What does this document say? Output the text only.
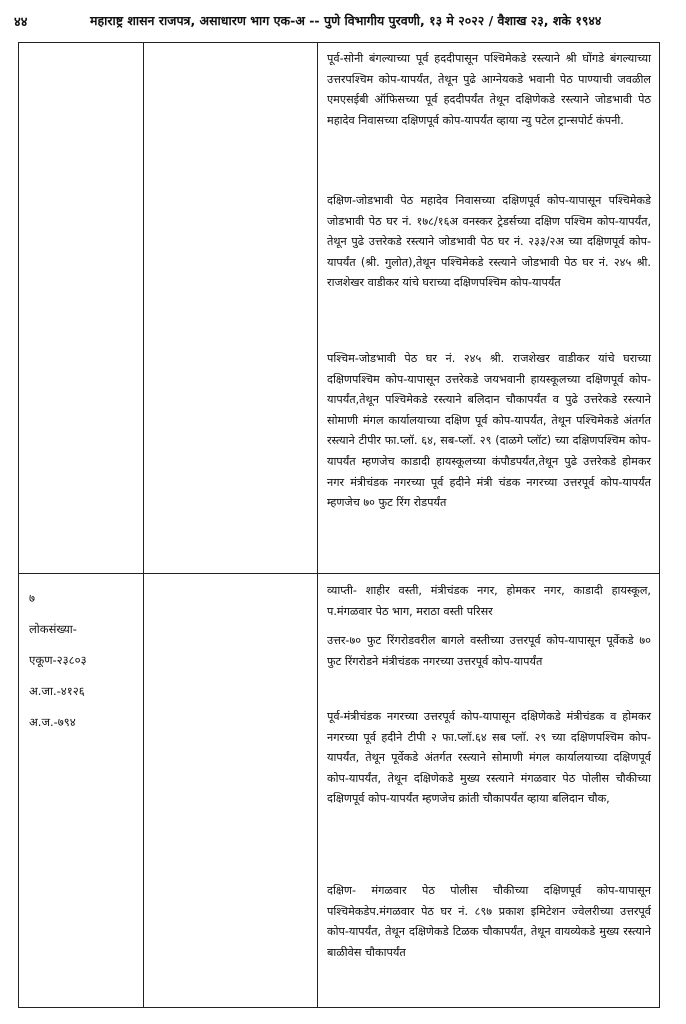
४४	महाराष्ट्र शासन राजपत्र, असाधारण भाग एक-अ -- पुणे विभागीय पुरवणी, १३ मे २०२२ / वैशाख २३, शके १९४४
पूर्व-सोनी बंगल्याच्या पूर्व हददीपासून पश्चिमेकडे रस्त्याने श्री घोंगडे बंगल्याच्या उत्तरपश्चिम कोप-यापर्यंत, तेथून पुढे आग्नेयकडे भवानी पेठ पाण्याची जवळील एमएसईबी ऑफिसच्या पूर्व हददीपर्यंत तेथून दक्षिणेकडे रस्त्याने जोडभावी पेठ महादेव निवासच्या दक्षिणपूर्व कोप-यापर्यंत व्हाया न्यु पटेल ट्रान्सपोर्ट कंपनी.
दक्षिण-जोडभावी पेठ महादेव निवासच्या दक्षिणपूर्व कोप-यापासून पश्चिमेकडे जोडभावी पेठ घर नं. १७८/१६अ वनस्कर ट्रेडर्सच्या दक्षिण पश्चिम कोप-यापर्यंत, तेथून पुढे उत्तरेकडे रस्त्याने जोडभावी पेठ घर नं. २३३/२अ च्या दक्षिणपूर्व कोप-यापर्यंत (श्री. गुलोत),तेथून पश्चिमेकडे रस्त्याने जोडभावी पेठ घर नं. २४५ श्री. राजशेखर वाडीकर यांचे घराच्या दक्षिणपश्चिम कोप-यापर्यंत
पश्चिम-जोडभावी पेठ घर नं. २४५ श्री. राजशेखर वाडीकर यांचे घराच्या दक्षिणपश्चिम कोप-यापासून उत्तरेकडे जयभवानी हायस्कूलच्या दक्षिणपूर्व कोप-यापर्यंत,तेथून पश्चिमेकडे रस्त्याने बलिदान चौकापर्यंत व पुढे उत्तरेकडे रस्त्याने सोमाणी मंगल कार्यालयाच्या दक्षिण पूर्व कोप-यापर्यंत, तेथून पश्चिमेकडे अंतर्गत रस्त्याने टीपीर फा.प्लॉ. ६४, सब-प्लॉ. २९ (दाळगे प्लॉट) च्या दक्षिणपश्चिम कोप-यापर्यंत म्हणजेच काडादी हायस्कूलच्या कंपौडपर्यंत,तेथून पुढे उत्तरेकडे होमकर नगर मंत्रीचंडक नगरच्या पूर्व हदीने मंत्री चंडक नगरच्या उत्तरपूर्व कोप-यापर्यंत म्हणजेच ७० फुट रिंग रोडपर्यंत
७
लोकसंख्या-
एकूण-२३८०३
अ.जा.-४१२६
अ.ज.-७९४
व्याप्ती- शाहीर वस्ती, मंत्रीचंडक नगर, होमकर नगर, काडादी हायस्कूल, प.मंगळवार पेठ भाग, मराठा वस्ती परिसर
उत्तर-७० फुट रिंगरोडवरील बागले वस्तीच्या उत्तरपूर्व कोप-यापासून पूर्वेकडे ७० फुट रिंगरोडने मंत्रीचंडक नगरच्या उत्तरपूर्व कोप-यापर्यंत
पूर्व-मंत्रीचंडक नगरच्या उत्तरपूर्व कोप-यापासून दक्षिणेकडे मंत्रीचंडक व होमकर नगरच्या पूर्व हदीने टीपी २ फा.प्लॉ.६४ सब प्लॉ. २९ च्या दक्षिणपश्चिम कोप-यापर्यंत, तेथून पूर्वेकडे अंतर्गत रस्त्याने सोमाणी मंगल कार्यालयाच्या दक्षिणपूर्व कोप-यापर्यंत, तेथून दक्षिणेकडे मुख्य रस्त्याने मंगळवार पेठ पोलीस चौकीच्या दक्षिणपूर्व कोप-यापर्यंत म्हणजेच क्रांती चौकापर्यंत व्हाया बलिदान चौक,
दक्षिण- मंगळवार पेठ पोलीस चौकीच्या दक्षिणपूर्व कोप-यापासून पश्चिमेकडेप.मंगळवार पेठ घर नं. ८९७ प्रकाश इमिटेशन ज्वेलरीच्या उत्तरपूर्व कोप-यापर्यंत, तेथून दक्षिणेकडे टिळक चौकापर्यंत, तेथून वायव्येकडे मुख्य रस्त्याने बाळीवेस चौकापर्यंत
